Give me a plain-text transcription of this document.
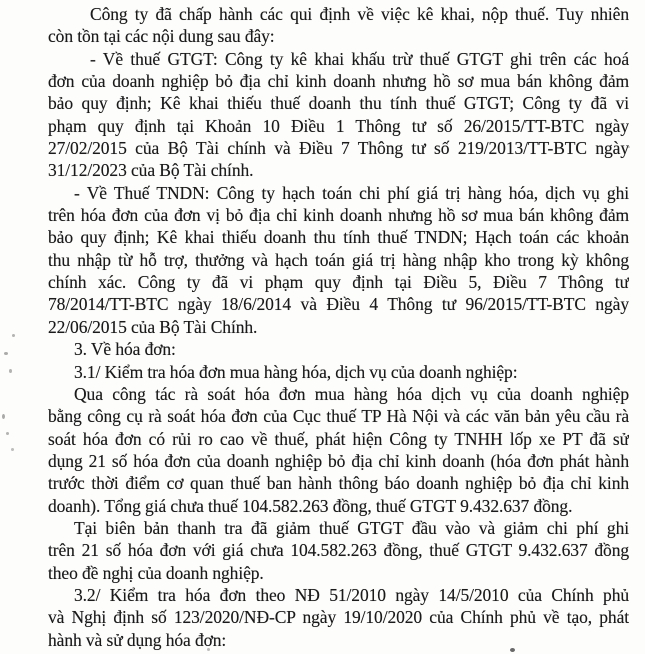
Công ty đã chấp hành các qui định về việc kê khai, nộp thuế. Tuy nhiên
còn tồn tại các nội dung sau đây:
- Về thuế GTGT: Công ty kê khai khấu trừ thuế GTGT ghi trên các hoá
đơn của doanh nghiệp bỏ địa chỉ kinh doanh nhưng hồ sơ mua bán không đảm
bảo quy định; Kê khai thiếu thuế doanh thu tính thuế GTGT; Công ty đã vi
phạm quy định tại Khoản 10 Điều 1 Thông tư số 26/2015/TT-BTC ngày
27/02/2015 của Bộ Tài chính và Điều 7 Thông tư số 219/2013/TT-BTC ngày
31/12/2023 của Bộ Tài chính.
- Về Thuế TNDN: Công ty hạch toán chi phí giá trị hàng hóa, dịch vụ ghi
trên hóa đơn của đơn vị bỏ địa chỉ kinh doanh nhưng hồ sơ mua bán không đảm
bảo quy định; Kê khai thiếu doanh thu tính thuế TNDN; Hạch toán các khoản
thu nhập từ hỗ trợ, thưởng và hạch toán giá trị hàng nhập kho trong kỳ không
chính xác. Công ty đã vi phạm quy định tại Điều 5, Điều 7 Thông tư
78/2014/TT-BTC ngày 18/6/2014 và Điều 4 Thông tư 96/2015/TT-BTC ngày
22/06/2015 của Bộ Tài Chính.
3. Về hóa đơn:
3.1/ Kiểm tra hóa đơn mua hàng hóa, dịch vụ của doanh nghiệp:
Qua công tác rà soát hóa đơn mua hàng hóa dịch vụ của doanh nghiệp
bằng công cụ rà soát hóa đơn của Cục thuế TP Hà Nội và các văn bản yêu cầu rà
soát hóa đơn có rủi ro cao về thuế, phát hiện Công ty TNHH lốp xe PT đã sử
dụng 21 số hóa đơn của doanh nghiệp bỏ địa chỉ kinh doanh (hóa đơn phát hành
trước thời điểm cơ quan thuế ban hành thông báo doanh nghiệp bỏ địa chỉ kinh
doanh). Tổng giá chưa thuế 104.582.263 đồng, thuế GTGT 9.432.637 đồng.
Tại biên bản thanh tra đã giảm thuế GTGT đầu vào và giảm chi phí ghi
trên 21 số hóa đơn với giá chưa 104.582.263 đồng, thuế GTGT 9.432.637 đồng
theo đề nghị của doanh nghiệp.
3.2/ Kiểm tra hóa đơn theo NĐ 51/2010 ngày 14/5/2010 của Chính phủ
và Nghị định số 123/2020/NĐ-CP ngày 19/10/2020 của Chính phủ về tạo, phát
hành và sử dụng hóa đơn:
